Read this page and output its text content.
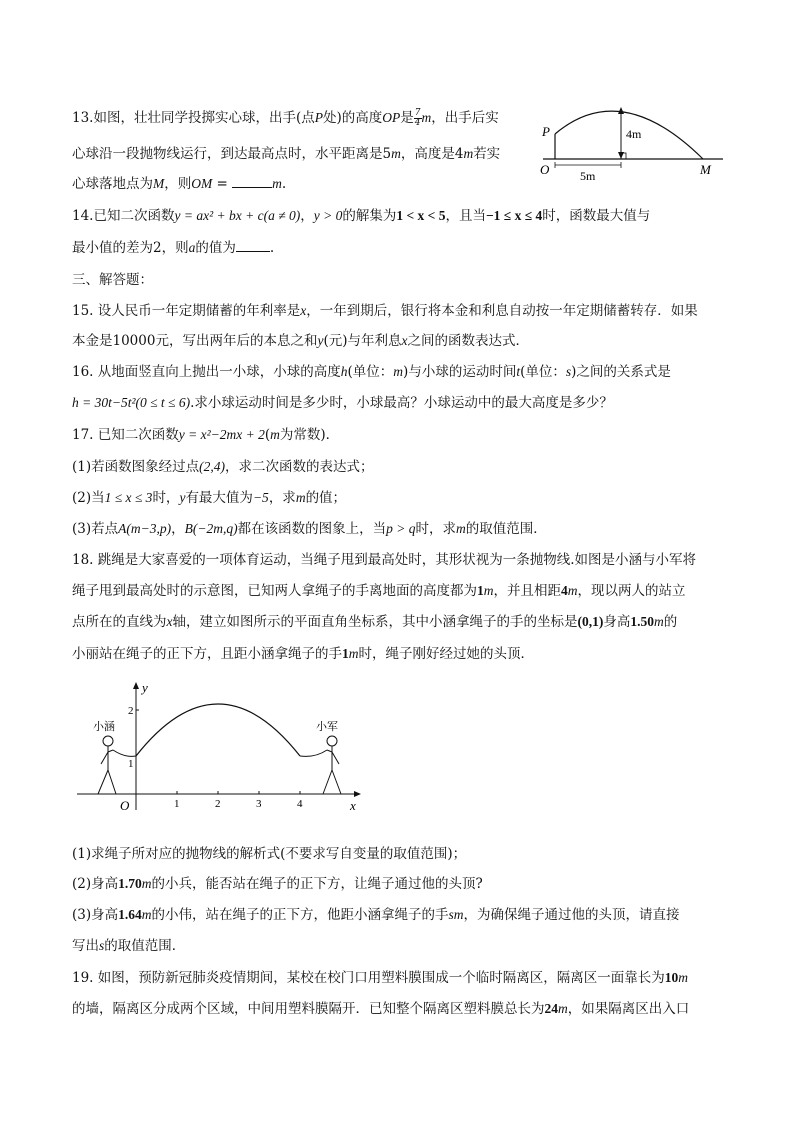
13.如图，壮壮同学投掷实心球，出手(点P处)的高度OP是 $\frac{7}{4}$ m，出手后实
心球沿一段抛物线运行，到达最高点时，水平距离是5m，高度是4m若实
心球落地点为M，则OM =	m.
P
O	M
4m
5m
14.已知二次函数y = ax² + bx + c(a ≠ 0)，y > 0的解集为1 < x < 5，且当−1 ≤ x ≤ 4时，函数最大值与
最小值的差为2，则a的值为	.
三、解答题：
15. 设人民币一年定期储蓄的年利率是x，一年到期后，银行将本金和利息自动按一年定期储蓄转存．如果
本金是10000元，写出两年后的本息之和y(元)与年利息x之间的函数表达式．
16. 从地面竖直向上抛出一小球，小球的高度h(单位：m)与小球的运动时间t(单位：s)之间的关系式是
h = 30t−5t²(0 ≤ t ≤ 6).求小球运动时间是多少时，小球最高？小球运动中的最大高度是多少？
17. 已知二次函数y = x²−2mx + 2(m为常数)．
(1)若函数图象经过点(2,4)，求二次函数的表达式；
(2)当1 ≤ x ≤ 3时，y有最大值为−5，求m的值；
(3)若点A(m−3,p)，B(−2m,q)都在该函数的图象上，当p > q时，求m的取值范围．
18. 跳绳是大家喜爱的一项体育运动，当绳子甩到最高处时，其形状视为一条抛物线.如图是小涵与小军将
绳子甩到最高处时的示意图，已知两人拿绳子的手离地面的高度都为1m，并且相距4m，现以两人的站立
点所在的直线为x轴，建立如图所示的平面直角坐标系，其中小涵拿绳子的手的坐标是(0,1)身高1.50m的
小丽站在绳子的正下方，且距小涵拿绳子的手1m时，绳子刚好经过她的头顶．
y
x
O	1	2	3	4
1
2
小涵	小军
(1)求绳子所对应的抛物线的解析式(不要求写自变量的取值范围)；
(2)身高1.70m的小兵，能否站在绳子的正下方，让绳子通过他的头顶?
(3)身高1.64m的小伟，站在绳子的正下方，他距小涵拿绳子的手sm，为确保绳子通过他的头顶，请直接
写出s的取值范围．
19. 如图，预防新冠肺炎疫情期间，某校在校门口用塑料膜围成一个临时隔离区，隔离区一面靠长为10m
的墙，隔离区分成两个区域，中间用塑料膜隔开．已知整个隔离区塑料膜总长为24m，如果隔离区出入口
